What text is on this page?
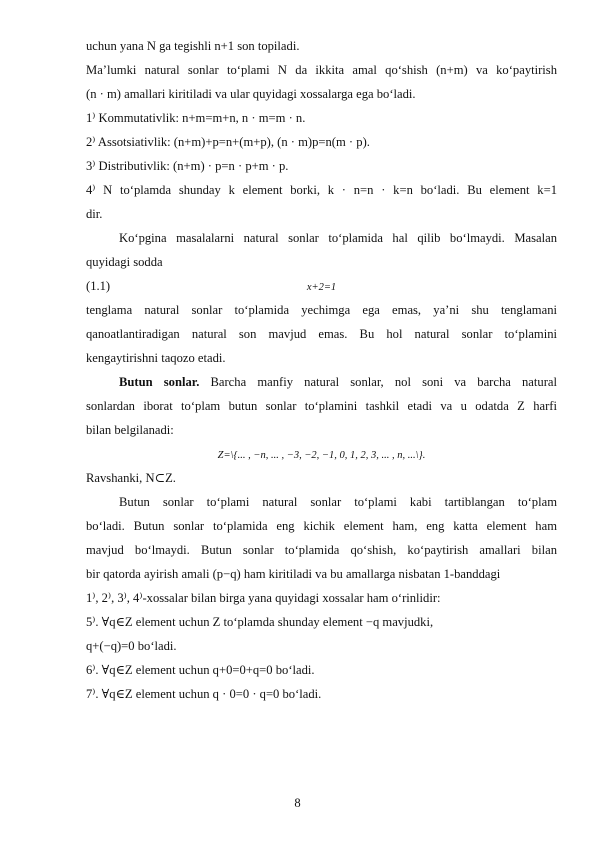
uchun yana N ga tegishli n+1 son topiladi.
Ma’lumki natural sonlar to‘plami N da ikkita amal qo‘shish (n+m) va ko‘paytirish
(n · m) amallari kiritiladi va ular quyidagi xossalarga ega bo‘ladi.
1⁾ Kommutativlik: n+m=m+n, n · m=m · n.
2⁾ Assotsiativlik: (n+m)+p=n+(m+p), (n · m)p=n(m · p).
3⁾ Distributivlik: (n+m) · p=n · p+m · p.
4⁾ N to‘plamda shunday k element borki, k · n=n · k=n bo‘ladi. Bu element k=1
dir.
Ko‘pgina masalalarni natural sonlar to‘plamida hal qilib bo‘lmaydi. Masalan
quyidagi sodda
x+2=1
(1.1)
tenglama natural sonlar to‘plamida yechimga ega emas, ya’ni shu tenglamani
qanoatlantiradigan natural son mavjud emas. Bu hol natural sonlar to‘plamini
kengaytirishni taqozo etadi.
Butun sonlar. Barcha manfiy natural sonlar, nol soni va barcha natural
sonlardan iborat to‘plam butun sonlar to‘plamini tashkil etadi va u odatda Z harfi
bilan belgilanadi:
Z=\{... , −n, ... , −3, −2, −1, 0, 1, 2, 3, ... , n, ...\}.
Ravshanki, N⊂Z.
Butun sonlar to‘plami natural sonlar to‘plami kabi tartiblangan to‘plam
bo‘ladi. Butun sonlar to‘plamida eng kichik element ham, eng katta element ham
mavjud bo‘lmaydi. Butun sonlar to‘plamida qo‘shish, ko‘paytirish amallari bilan
bir qatorda ayirish amali (p−q) ham kiritiladi va bu amallarga nisbatan 1-banddagi
1⁾, 2⁾, 3⁾, 4⁾-xossalar bilan birga yana quyidagi xossalar ham o‘rinlidir:
5⁾. ∀q∈Z element uchun Z to‘plamda shunday element −q mavjudki,
q+(−q)=0 bo‘ladi.
6⁾. ∀q∈Z element uchun q+0=0+q=0 bo‘ladi.
7⁾. ∀q∈Z element uchun q · 0=0 · q=0 bo‘ladi.
8
